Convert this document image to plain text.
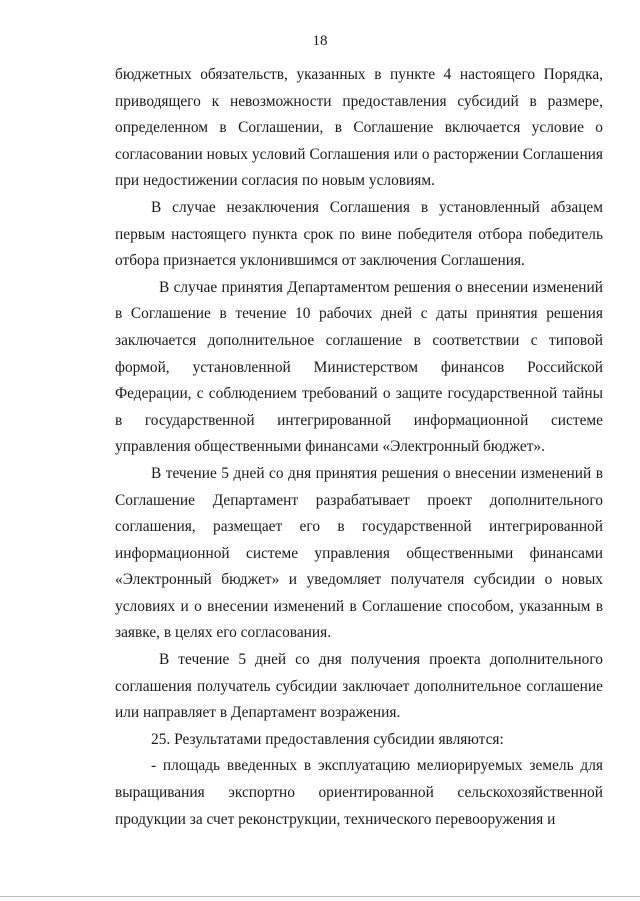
18

бюджетных обязательств, указанных в пункте 4 настоящего Порядка, приводящего к невозможности предоставления субсидий в размере, определенном в Соглашении, в Соглашение включается условие о согласовании новых условий Соглашения или о расторжении Соглашения при недостижении согласия по новым условиям.

В случае незаключения Соглашения в установленный абзацем первым настоящего пункта срок по вине победителя отбора победитель отбора признается уклонившимся от заключения Соглашения.

В случае принятия Департаментом решения о внесении изменений в Соглашение в течение 10 рабочих дней с даты принятия решения заключается дополнительное соглашение в соответствии с типовой формой, установленной Министерством финансов Российской Федерации, с соблюдением требований о защите государственной тайны в государственной интегрированной информационной системе управления общественными финансами «Электронный бюджет».

В течение 5 дней со дня принятия решения о внесении изменений в Соглашение Департамент разрабатывает проект дополнительного соглашения, размещает его в государственной интегрированной информационной системе управления общественными финансами «Электронный бюджет» и уведомляет получателя субсидии о новых условиях и о внесении изменений в Соглашение способом, указанным в заявке, в целях его согласования.

В течение 5 дней со дня получения проекта дополнительного соглашения получатель субсидии заключает дополнительное соглашение или направляет в Департамент возражения.

25. Результатами предоставления субсидии являются:

- площадь введенных в эксплуатацию мелиорируемых земель для выращивания экспортно ориентированной сельскохозяйственной продукции за счет реконструкции, технического перевооружения и
